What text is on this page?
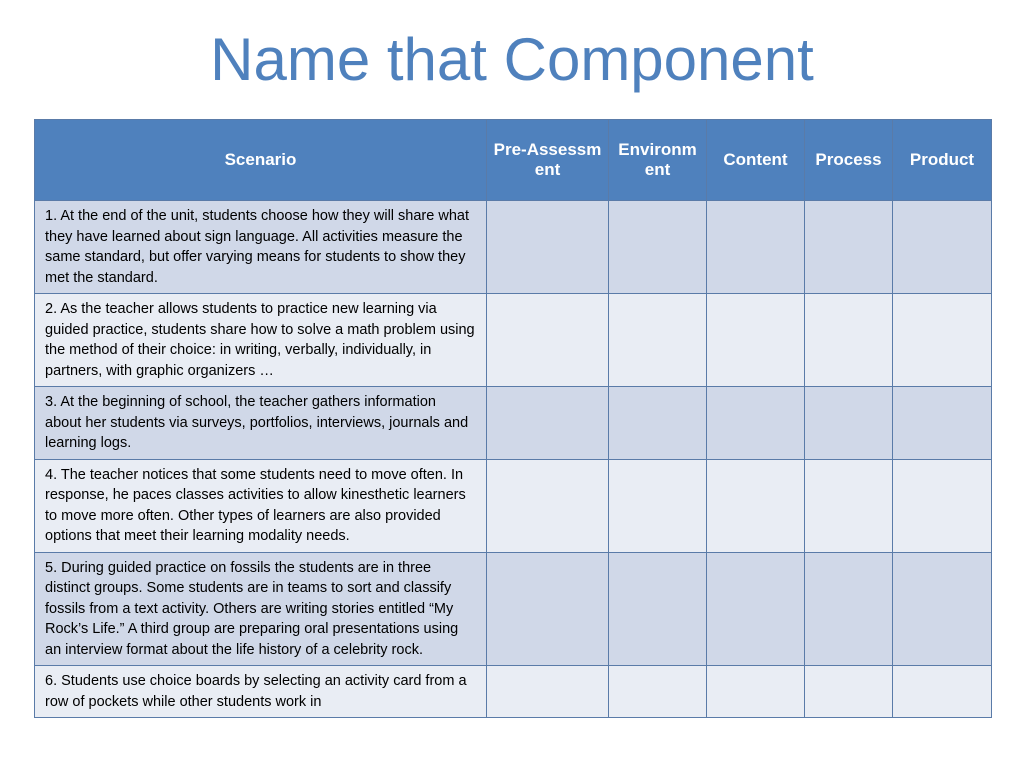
Name that Component
Scenario	Pre-Assessment	Environment	Content	Process	Product
1. At the end of the unit, students choose how they will share what they have learned about sign language. All activities measure the same standard, but offer varying means for students to show they met the standard.					
2. As the teacher allows students to practice new learning via guided practice, students share how to solve a math problem using the method of their choice: in writing, verbally, individually, in partners, with graphic organizers …					
3. At the beginning of school, the teacher gathers information about her students via surveys, portfolios, interviews, journals and learning logs.					
4. The teacher notices that some students need to move often. In response, he paces classes activities to allow kinesthetic learners to move more often. Other types of learners are also provided options that meet their learning modality needs.					
5. During guided practice on fossils the students are in three distinct groups. Some students are in teams to sort and classify fossils from a text activity. Others are writing stories entitled “My Rock’s Life.” A third group are preparing oral presentations using an interview format about the life history of a celebrity rock.					
6. Students use choice boards by selecting an activity card from a row of pockets while other students work in					
